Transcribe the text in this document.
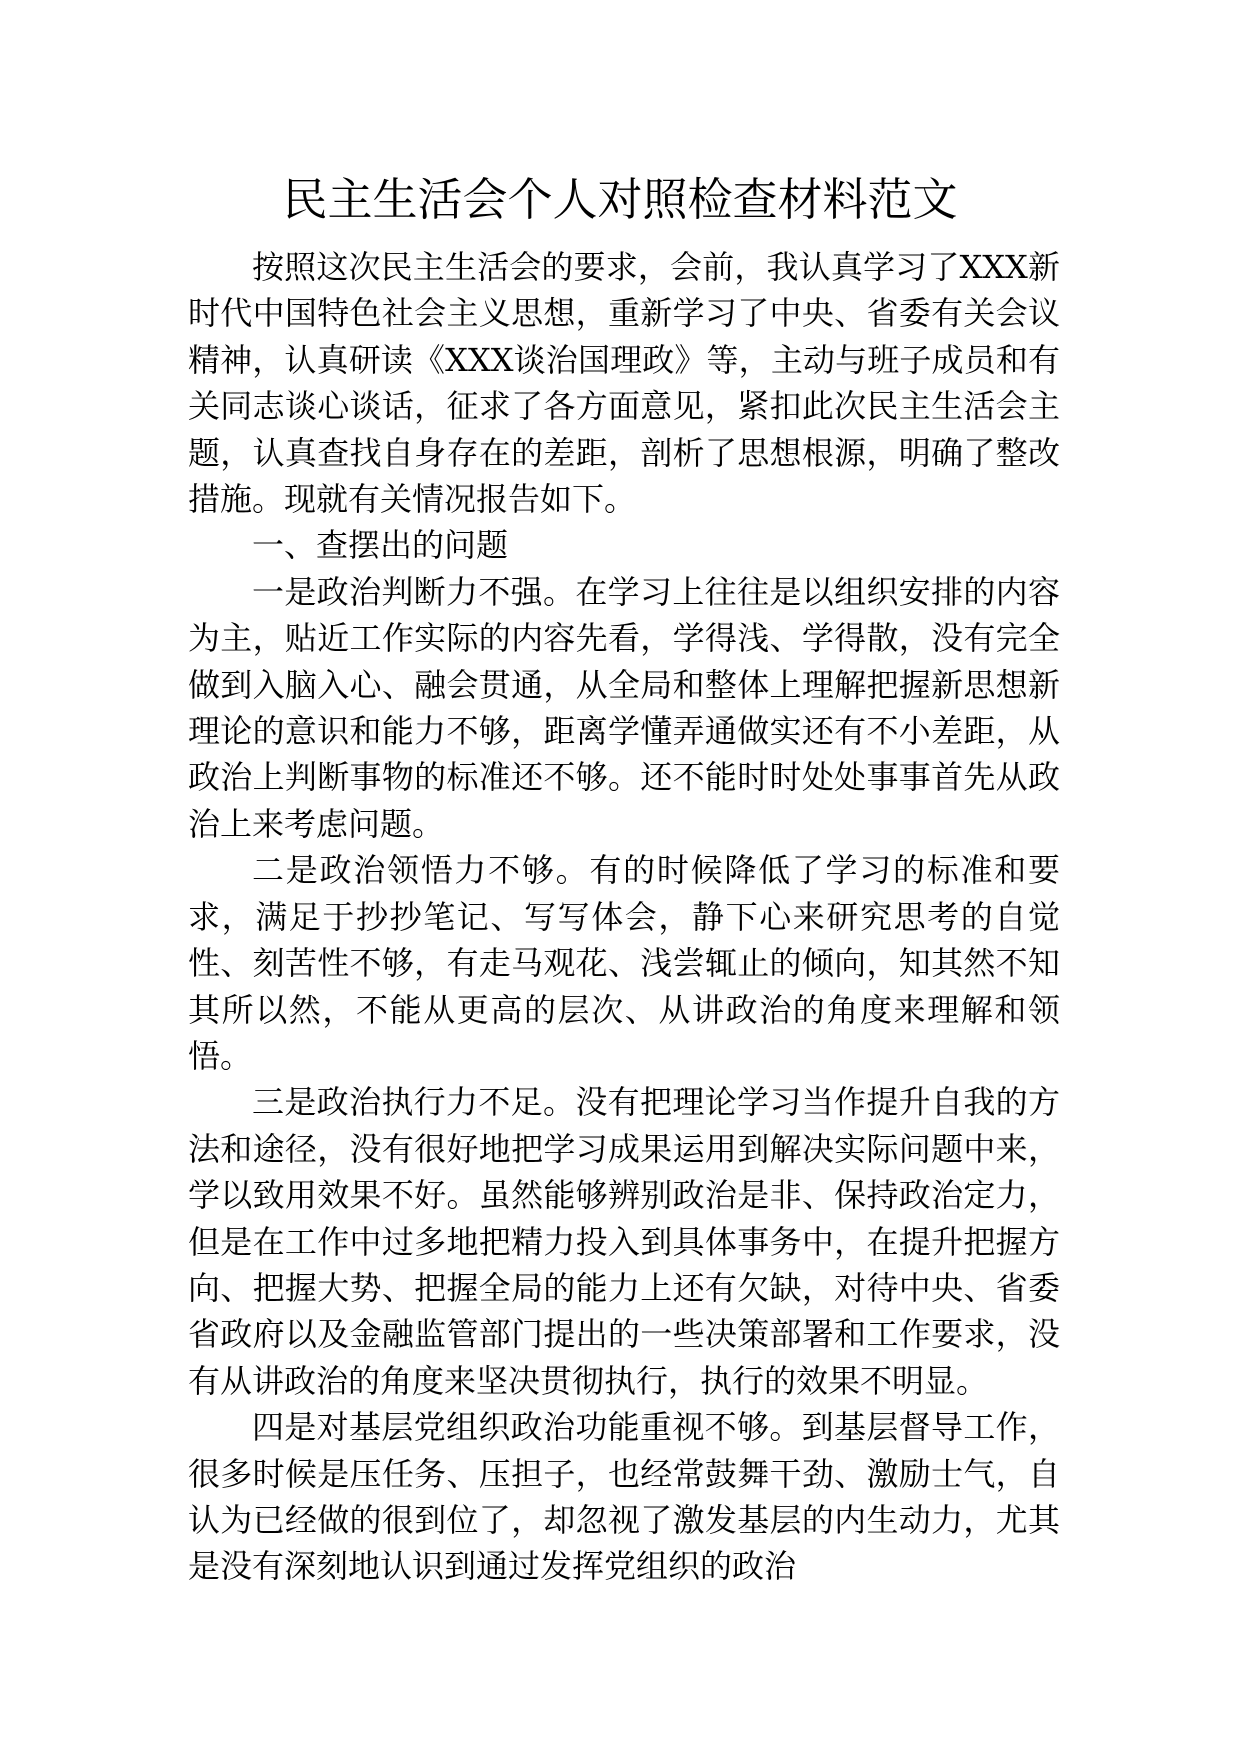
民主生活会个人对照检查材料范文

按照这次民主生活会的要求，会前，我认真学习了XXX新时代中国特色社会主义思想，重新学习了中央、省委有关会议精神，认真研读《XXX谈治国理政》等，主动与班子成员和有关同志谈心谈话，征求了各方面意见，紧扣此次民主生活会主题，认真查找自身存在的差距，剖析了思想根源，明确了整改措施。现就有关情况报告如下。

一、查摆出的问题

一是政治判断力不强。在学习上往往是以组织安排的内容为主，贴近工作实际的内容先看，学得浅、学得散，没有完全做到入脑入心、融会贯通，从全局和整体上理解把握新思想新理论的意识和能力不够，距离学懂弄通做实还有不小差距，从政治上判断事物的标准还不够。还不能时时处处事事首先从政治上来考虑问题。

二是政治领悟力不够。有的时候降低了学习的标准和要求，满足于抄抄笔记、写写体会，静下心来研究思考的自觉性、刻苦性不够，有走马观花、浅尝辄止的倾向，知其然不知其所以然，不能从更高的层次、从讲政治的角度来理解和领悟。

三是政治执行力不足。没有把理论学习当作提升自我的方法和途径，没有很好地把学习成果运用到解决实际问题中来，学以致用效果不好。虽然能够辨别政治是非、保持政治定力，但是在工作中过多地把精力投入到具体事务中，在提升把握方向、把握大势、把握全局的能力上还有欠缺，对待中央、省委省政府以及金融监管部门提出的一些决策部署和工作要求，没有从讲政治的角度来坚决贯彻执行，执行的效果不明显。

四是对基层党组织政治功能重视不够。到基层督导工作，很多时候是压任务、压担子，也经常鼓舞干劲、激励士气，自认为已经做的很到位了，却忽视了激发基层的内生动力，尤其是没有深刻地认识到通过发挥党组织的政治
